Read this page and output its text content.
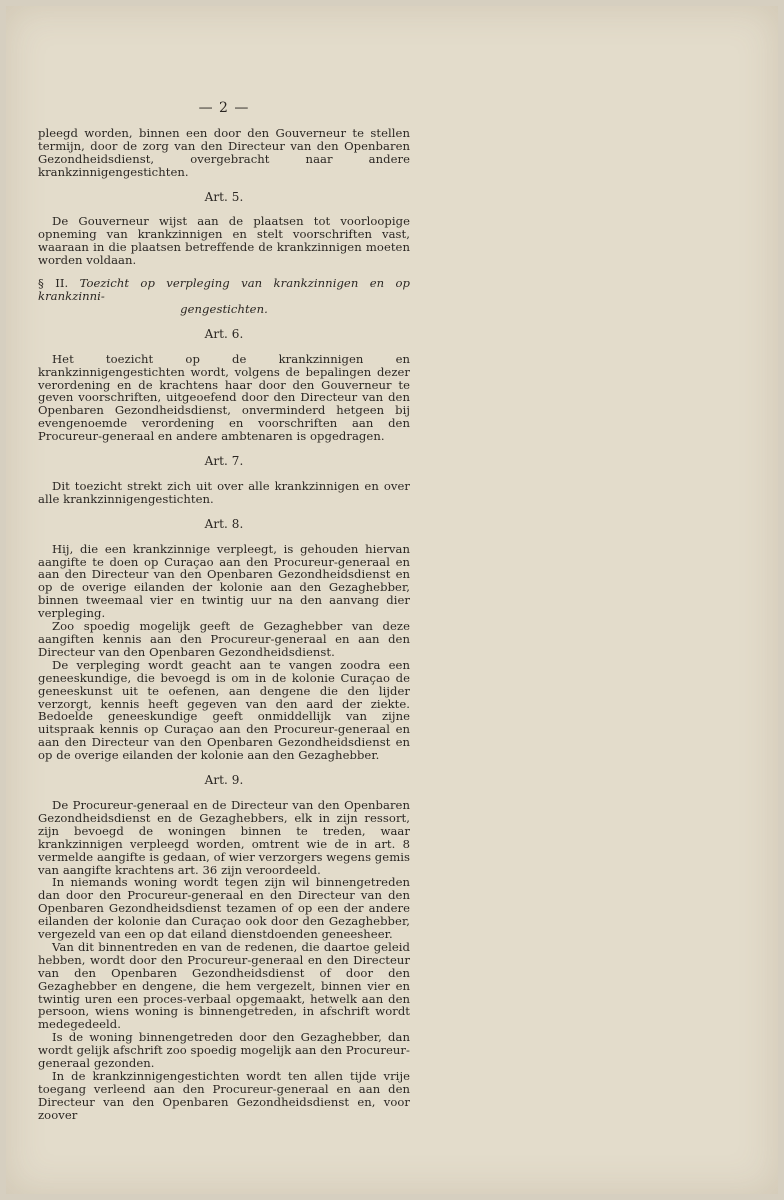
— 2 —

pleegd worden, binnen een door den Gouverneur te stellen termijn, door de zorg van den Directeur van den Openbaren Gezondheidsdienst, overgebracht naar andere krankzinnigengestichten.

Art. 5.

De Gouverneur wijst aan de plaatsen tot voorloopige opneming van krankzinnigen en stelt voorschriften vast, waaraan in die plaatsen betreffende de krankzinnigen moeten worden voldaan.

§ II. Toezicht op verpleging van krankzinnigen en op krankzinni-
gengestichten.
Art. 6.

Het toezicht op de krankzinnigen en krankzinnigengestichten wordt, volgens de bepalingen dezer verordening en de krachtens haar door den Gouverneur te geven voorschriften, uitgeoefend door den Directeur van den Openbaren Gezondheidsdienst, onverminderd hetgeen bij evengenoemde verordening en voorschriften aan den Procureur-generaal en andere ambtenaren is opgedragen.

Art. 7.

Dit toezicht strekt zich uit over alle krankzinnigen en over alle krankzinnigengestichten.

Art. 8.

Hij, die een krankzinnige verpleegt, is gehouden hiervan aangifte te doen op Curaçao aan den Procureur-generaal en aan den Directeur van den Openbaren Gezondheidsdienst en op de overige eilanden der kolonie aan den Gezaghebber, binnen tweemaal vier en twintig uur na den aanvang dier verpleging.

Zoo spoedig mogelijk geeft de Gezaghebber van deze aangiften kennis aan den Procureur-generaal en aan den Directeur van den Openbaren Gezondheidsdienst.

De verpleging wordt geacht aan te vangen zoodra een geneeskundige, die bevoegd is om in de kolonie Curaçao de geneeskunst uit te oefenen, aan dengene die den lijder verzorgt, kennis heeft gegeven van den aard der ziekte. Bedoelde geneeskundige geeft onmiddellijk van zijne uitspraak kennis op Curaçao aan den Procureur-generaal en aan den Directeur van den Openbaren Gezondheidsdienst en op de overige eilanden der kolonie aan den Gezaghebber.

Art. 9.

De Procureur-generaal en de Directeur van den Openbaren Gezondheidsdienst en de Gezaghebbers, elk in zijn ressort, zijn bevoegd de woningen binnen te treden, waar krankzinnigen verpleegd worden, omtrent wie de in art. 8 vermelde aangifte is gedaan, of wier verzorgers wegens gemis van aangifte krachtens art. 36 zijn veroordeeld.

In niemands woning wordt tegen zijn wil binnengetreden dan door den Procureur-generaal en den Directeur van den Openbaren Gezondheidsdienst tezamen of op een der andere eilanden der kolonie dan Curaçao ook door den Gezaghebber, vergezeld van een op dat eiland dienstdoenden geneesheer.

Van dit binnentreden en van de redenen, die daartoe geleid hebben, wordt door den Procureur-generaal en den Directeur van den Openbaren Gezondheidsdienst of door den Gezaghebber en dengene, die hem vergezelt, binnen vier en twintig uren een proces-verbaal opgemaakt, hetwelk aan den persoon, wiens woning is binnengetreden, in afschrift wordt medegedeeld.

Is de woning binnengetreden door den Gezaghebber, dan wordt gelijk afschrift zoo spoedig mogelijk aan den Procureur-generaal gezonden.

In de krankzinnigengestichten wordt ten allen tijde vrije toegang verleend aan den Procureur-generaal en aan den Directeur van den Openbaren Gezondheidsdienst en, voor zoover
